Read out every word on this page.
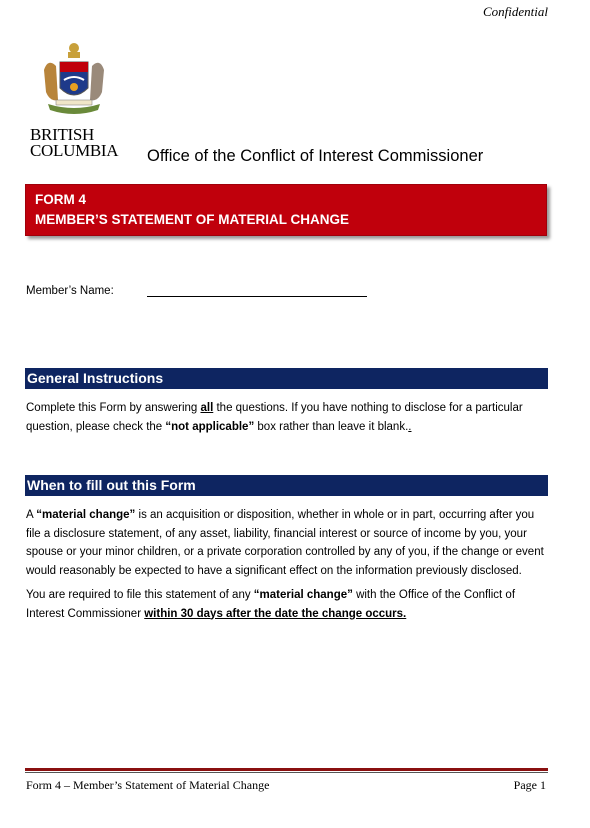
Confidential
BRITISH
COLUMBIA Office of the Conflict of Interest Commissioner
FORM 4
MEMBER’S STATEMENT OF MATERIAL CHANGE
Member’s Name:
General Instructions
Complete this Form by answering all the questions. If you have nothing to disclose for a particular question, please check the “not applicable” box rather than leave it blank..
When to fill out this Form
A “material change” is an acquisition or disposition, whether in whole or in part, occurring after you file a disclosure statement, of any asset, liability, financial interest or source of income by you, your spouse or your minor children, or a private corporation controlled by any of you, if the change or event would reasonably be expected to have a significant effect on the information previously disclosed.
You are required to file this statement of any “material change” with the Office of the Conflict of Interest Commissioner within 30 days after the date the change occurs.
Form 4 – Member’s Statement of Material Change	Page 1
